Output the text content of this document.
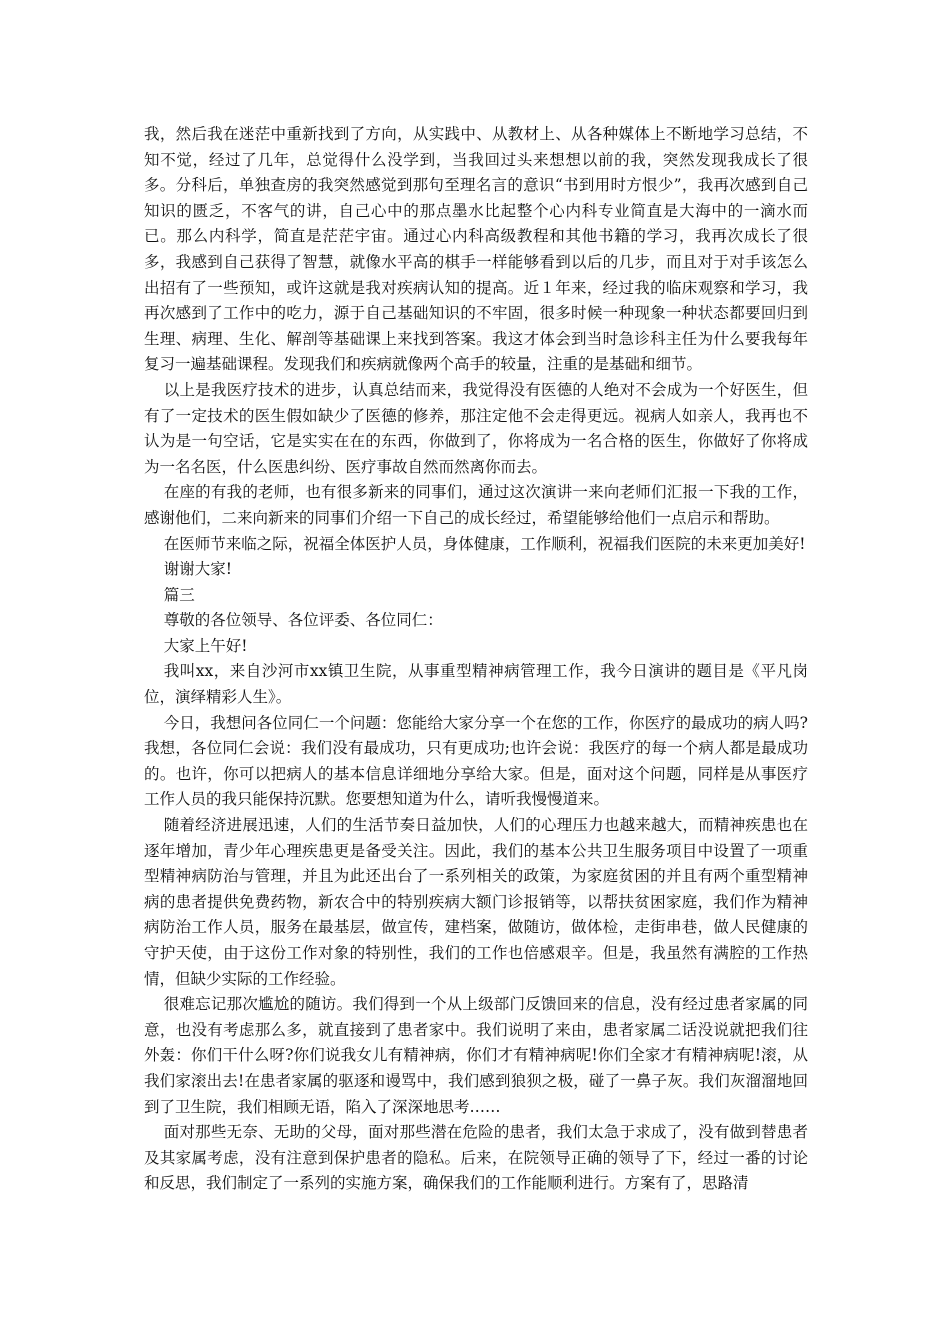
我，然后我在迷茫中重新找到了方向，从实践中、从教材上、从各种媒体上不断地学习总结，不知不觉，经过了几年，总觉得什么没学到，当我回过头来想想以前的我，突然发现我成长了很多。分科后，单独查房的我突然感觉到那句至理名言的意识“书到用时方恨少”，我再次感到自己知识的匮乏，不客气的讲，自己心中的那点墨水比起整个心内科专业简直是大海中的一滴水而已。那么内科学，简直是茫茫宇宙。通过心内科高级教程和其他书籍的学习，我再次成长了很多，我感到自己获得了智慧，就像水平高的棋手一样能够看到以后的几步，而且对于对手该怎么出招有了一些预知，或许这就是我对疾病认知的提高。近１年来，经过我的临床观察和学习，我再次感到了工作中的吃力，源于自己基础知识的不牢固，很多时候一种现象一种状态都要回归到生理、病理、生化、解剖等基础课上来找到答案。我这才体会到当时急诊科主任为什么要我每年复习一遍基础课程。发现我们和疾病就像两个高手的较量，注重的是基础和细节。

以上是我医疗技术的进步，认真总结而来，我觉得没有医德的人绝对不会成为一个好医生，但有了一定技术的医生假如缺少了医德的修养，那注定他不会走得更远。视病人如亲人，我再也不认为是一句空话，它是实实在在的东西，你做到了，你将成为一名合格的医生，你做好了你将成为一名名医，什么医患纠纷、医疗事故自然而然离你而去。

在座的有我的老师，也有很多新来的同事们，通过这次演讲一来向老师们汇报一下我的工作，感谢他们，二来向新来的同事们介绍一下自己的成长经过，希望能够给他们一点启示和帮助。

在医师节来临之际，祝福全体医护人员，身体健康，工作顺利，祝福我们医院的未来更加美好!

谢谢大家!

篇三

尊敬的各位领导、各位评委、各位同仁：

大家上午好!

我叫xx，来自沙河市xx镇卫生院，从事重型精神病管理工作，我今日演讲的题目是《平凡岗位，演绎精彩人生》。

今日，我想问各位同仁一个问题：您能给大家分享一个在您的工作，你医疗的最成功的病人吗?我想，各位同仁会说：我们没有最成功，只有更成功;也许会说：我医疗的每一个病人都是最成功的。也许，你可以把病人的基本信息详细地分享给大家。但是，面对这个问题，同样是从事医疗工作人员的我只能保持沉默。您要想知道为什么，请听我慢慢道来。

随着经济进展迅速，人们的生活节奏日益加快，人们的心理压力也越来越大，而精神疾患也在逐年增加，青少年心理疾患更是备受关注。因此，我们的基本公共卫生服务项目中设置了一项重型精神病防治与管理，并且为此还出台了一系列相关的政策，为家庭贫困的并且有两个重型精神病的患者提供免费药物，新农合中的特别疾病大额门诊报销等，以帮扶贫困家庭，我们作为精神病防治工作人员，服务在最基层，做宣传，建档案，做随访，做体检，走街串巷，做人民健康的守护天使，由于这份工作对象的特别性，我们的工作也倍感艰辛。但是，我虽然有满腔的工作热情，但缺少实际的工作经验。

很难忘记那次尴尬的随访。我们得到一个从上级部门反馈回来的信息，没有经过患者家属的同意，也没有考虑那么多，就直接到了患者家中。我们说明了来由，患者家属二话没说就把我们往外轰：你们干什么呀?你们说我女儿有精神病，你们才有精神病呢!你们全家才有精神病呢!滚，从我们家滚出去!在患者家属的驱逐和谩骂中，我们感到狼狈之极，碰了一鼻子灰。我们灰溜溜地回到了卫生院，我们相顾无语，陷入了深深地思考……

面对那些无奈、无助的父母，面对那些潜在危险的患者，我们太急于求成了，没有做到替患者及其家属考虑，没有注意到保护患者的隐私。后来，在院领导正确的领导了下，经过一番的讨论和反思，我们制定了一系列的实施方案，确保我们的工作能顺利进行。方案有了，思路清
